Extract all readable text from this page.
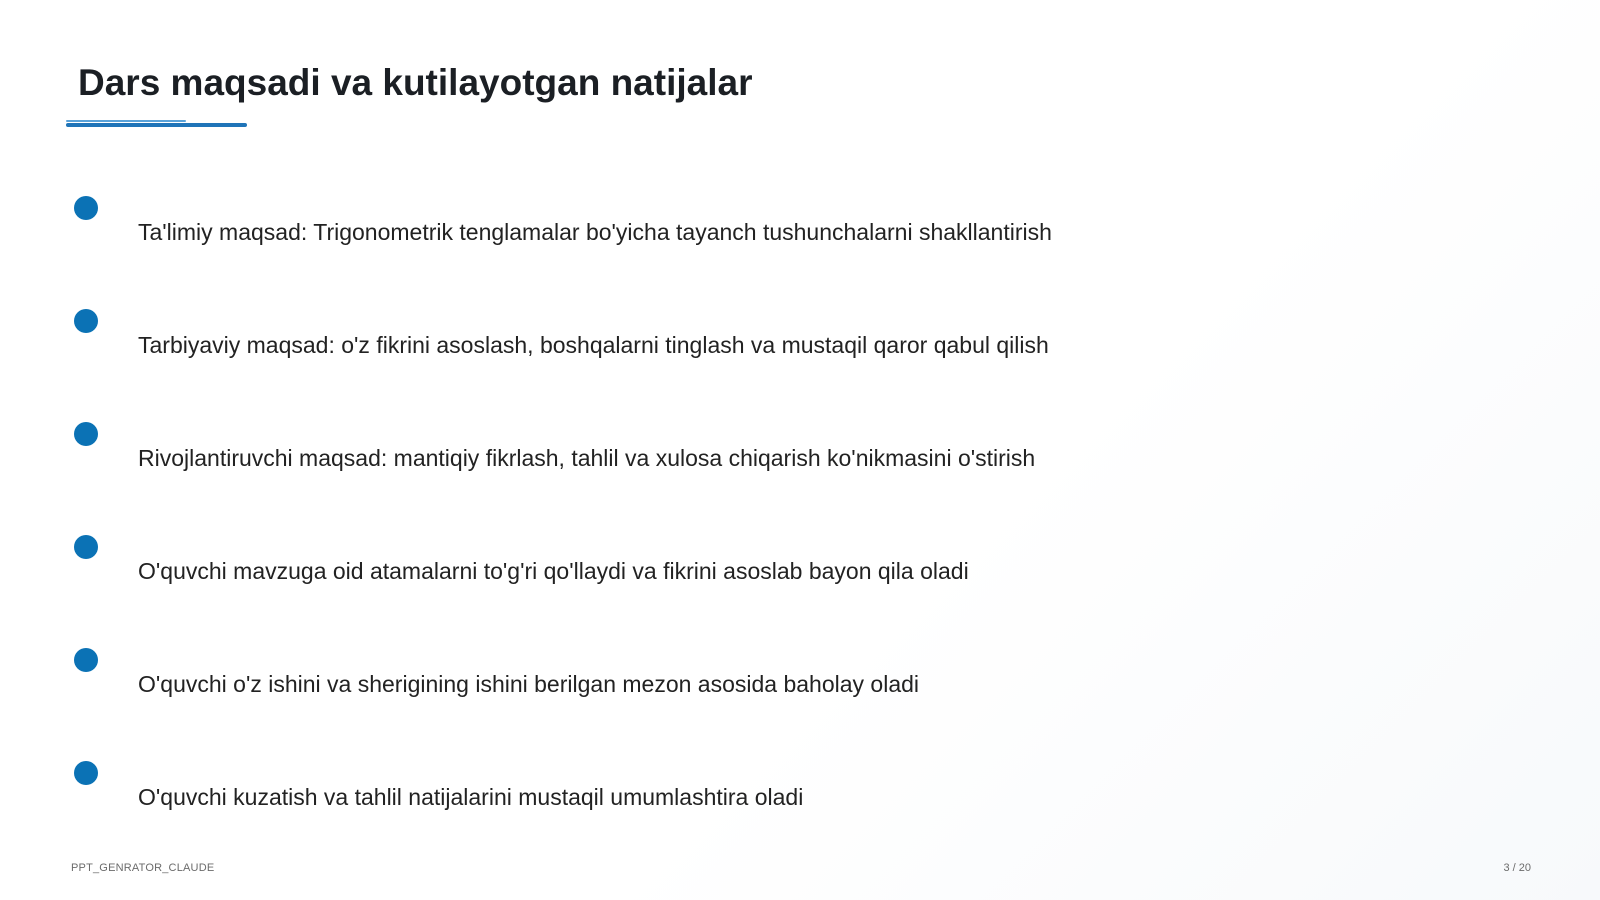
Dars maqsadi va kutilayotgan natijalar
Ta'limiy maqsad: Trigonometrik tenglamalar bo'yicha tayanch tushunchalarni shakllantirish
Tarbiyaviy maqsad: o'z fikrini asoslash, boshqalarni tinglash va mustaqil qaror qabul qilish
Rivojlantiruvchi maqsad: mantiqiy fikrlash, tahlil va xulosa chiqarish ko'nikmasini o'stirish
O'quvchi mavzuga oid atamalarni to'g'ri qo'llaydi va fikrini asoslab bayon qila oladi
O'quvchi o'z ishini va sherigining ishini berilgan mezon asosida baholay oladi
O'quvchi kuzatish va tahlil natijalarini mustaqil umumlashtira oladi
PPT_GENRATOR_CLAUDE	3 / 20
